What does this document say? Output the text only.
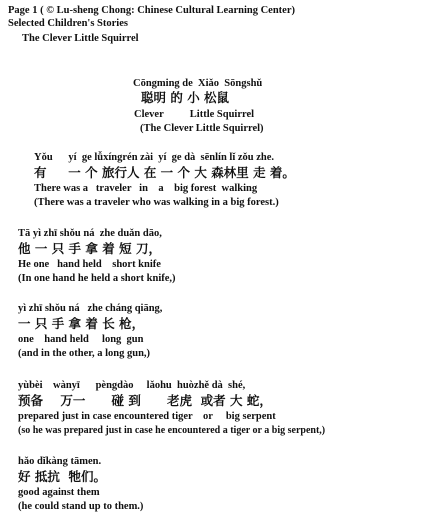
Page 1 ( © Lu-sheng Chong: Chinese Cultural Learning Center)
Selected Children's Stories
The Clever Little Squirrel
Cōngming de  Xiǎo  Sōngshǔ
聪明 的 小 松鼠
Clever          Little Squirrel
(The Clever Little Squirrel)
Yǒu      yí  ge lǚxíngrén zài  yí  ge dà  sēnlín lǐ zǒu zhe.
有     一 个 旅行人 在 一 个 大 森林里 走 着。
There was a   traveler   in    a    big forest  walking
(There was a traveler who was walking in a big forest.)
Tā yì zhī shǒu ná  zhe duǎn dāo,
他 一 只 手 拿 着 短 刀，
He one   hand held    short knife
(In one hand he held a short knife,)
yì zhī shǒu ná   zhe cháng qiāng,
一 只 手 拿 着 长 枪，
one    hand held     long  gun
(and in the other, a long gun,)
yùbèi    wànyī      pèngdào     lǎohu  huòzhě dà  shé,
预备    万一      碰 到      老虎  或者 大 蛇，
prepared just in case encountered tiger    or     big serpent
(so he was prepared just in case he encountered a tiger or a big serpent,)
hǎo dǐkàng tāmen.
好 抵抗  牠们。
good against them
(he could stand up to them.)
